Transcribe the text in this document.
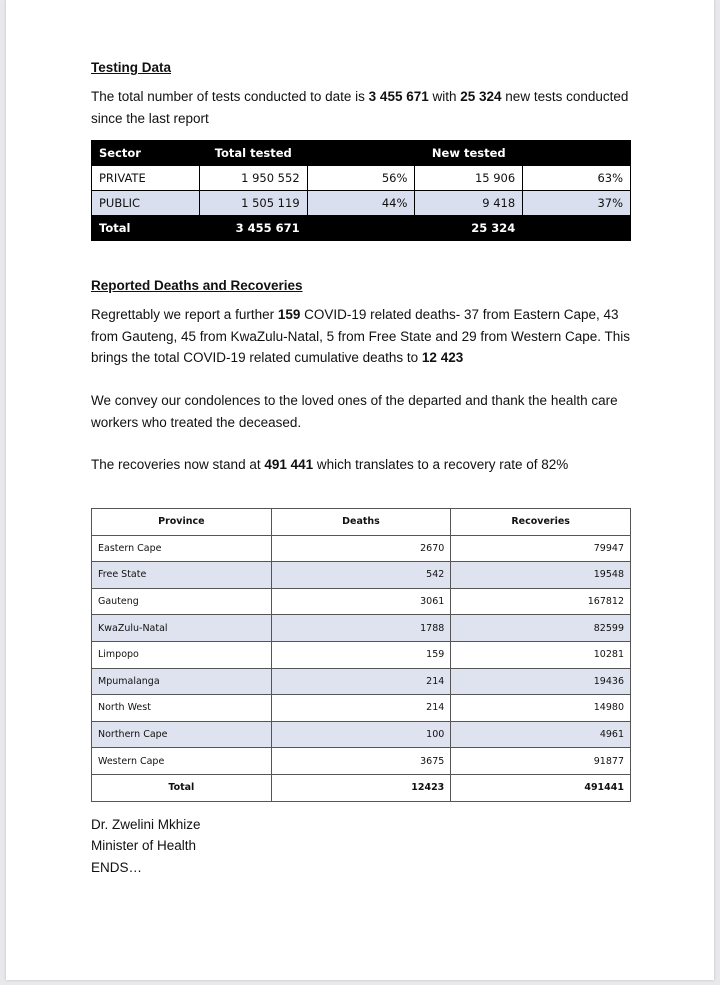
Testing Data
The total number of tests conducted to date is 3 455 671 with 25 324 new tests conducted since the last report
Sector	Total tested		New tested	
PRIVATE	1 950 552	56%	15 906	63%
PUBLIC	1 505 119	44%	9 418	37%
Total	3 455 671		25 324	
Reported Deaths and Recoveries
Regrettably we report a further 159 COVID-19 related deaths- 37 from Eastern Cape, 43 from Gauteng, 45 from KwaZulu-Natal, 5 from Free State and 29 from Western Cape. This brings the total COVID-19 related cumulative deaths to 12 423
We convey our condolences to the loved ones of the departed and thank the health care workers who treated the deceased.
The recoveries now stand at 491 441 which translates to a recovery rate of 82%
Province	Deaths	Recoveries
Eastern Cape	2670	79947
Free State	542	19548
Gauteng	3061	167812
KwaZulu-Natal	1788	82599
Limpopo	159	10281
Mpumalanga	214	19436
North West	214	14980
Northern Cape	100	4961
Western Cape	3675	91877
Total	12423	491441
Dr. Zwelini Mkhize
Minister of Health
ENDS…
